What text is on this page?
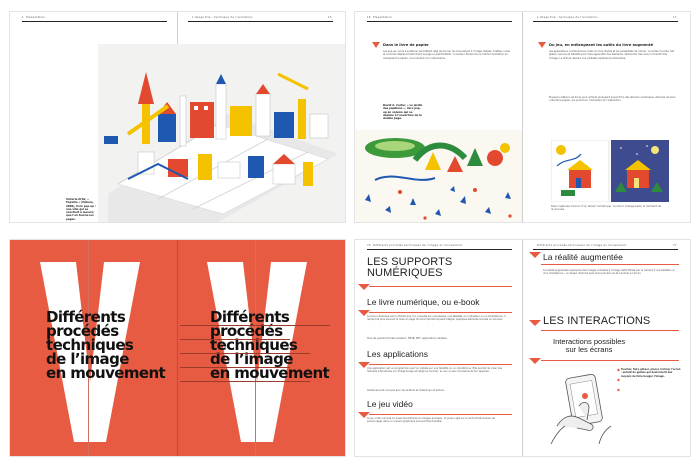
1 Présentation	L’image fixe : technique de l’animation	15
Victoria Ortiz, « Popville » (Helium, 2009), livre pop-up : une ville qui se construit à mesure que l’on tourne les pages.
16 Présentation	L’image fixe : technique de l’animation	17
Dans le livre de papier
Les pop-up, livres à système, permettent déjà de donner du mouvement à l’image. Rabats, tirettes, roues et volumes dépliés transforment la page en petit théâtre ; le lecteur déclenche lui-même l’animation en manipulant le papier, à la manière d’un mécanisme.
David A. Carter, « Le Jardin des papillons », livre pop-up en volume qui se déploie à l’ouverture de la double page.
Du jeu, en mélangeant les outils du livre augmenté
Les applications combinent les codes du livre illustré et les possibilités de l’écran : le lecteur touche, fait glisser, secoue sa tablette pour faire apparaître des éléments, déclencher des sons ou transformer l’image. La lecture devient une véritable expérience interactive.
Plusieurs éditeurs de livres pour enfants proposent aujourd’hui des albums numériques, déclinés de leurs collections papier, qui jouent sur l’animation et l’interaction.
Deux captures d’écran d’un album numérique : le décor change selon le moment de la journée.
Différents
procédés
techniques
de l’image
en mouvement
Différents
procédés
techniques
de l’image
en mouvement
76 Différents procédés techniques de l’image en mouvement	Différents procédés techniques de l’image en mouvement	77
LES SUPPORTS
NUMÉRIQUES
Le livre numérique, ou e-book
Le livre numérique est un fichier que l’on consulte sur une liseuse, une tablette, un ordinateur ou un smartphone. Il reprend le plus souvent la mise en page du livre imprimé et peut intégrer quelques éléments animés ou sonores.
Tous les grands formats existent : EPUB, PDF, applications dédiées.
Les applications
Une application est un programme que l’on installe sur une tablette ou un smartphone. Elle permet de créer des histoires interactives où l’image bouge et réagit au toucher, au son ou aux mouvements de l’appareil.
Certaines sont conçues pour les enfants et mêlent jeu et lecture.
Le jeu vidéo
Le jeu vidéo raconte lui aussi des histoires en images animées ; le joueur agit sur le récit et fait évoluer les personnages dans un univers graphique souvent très travaillé.
La réalité augmentée
La réalité augmentée superpose des images virtuelles à l’image réelle filmée par la caméra d’une tablette ou d’un smartphone : un dessin imprimé peut ainsi prendre vie et s’animer à l’écran.
LES INTERACTIONS
Interactions possibles
sur les écrans
Toucher, faire glisser, pincer, incliner l’écran : autant de gestes qui deviennent des moyens de faire bouger l’image.
